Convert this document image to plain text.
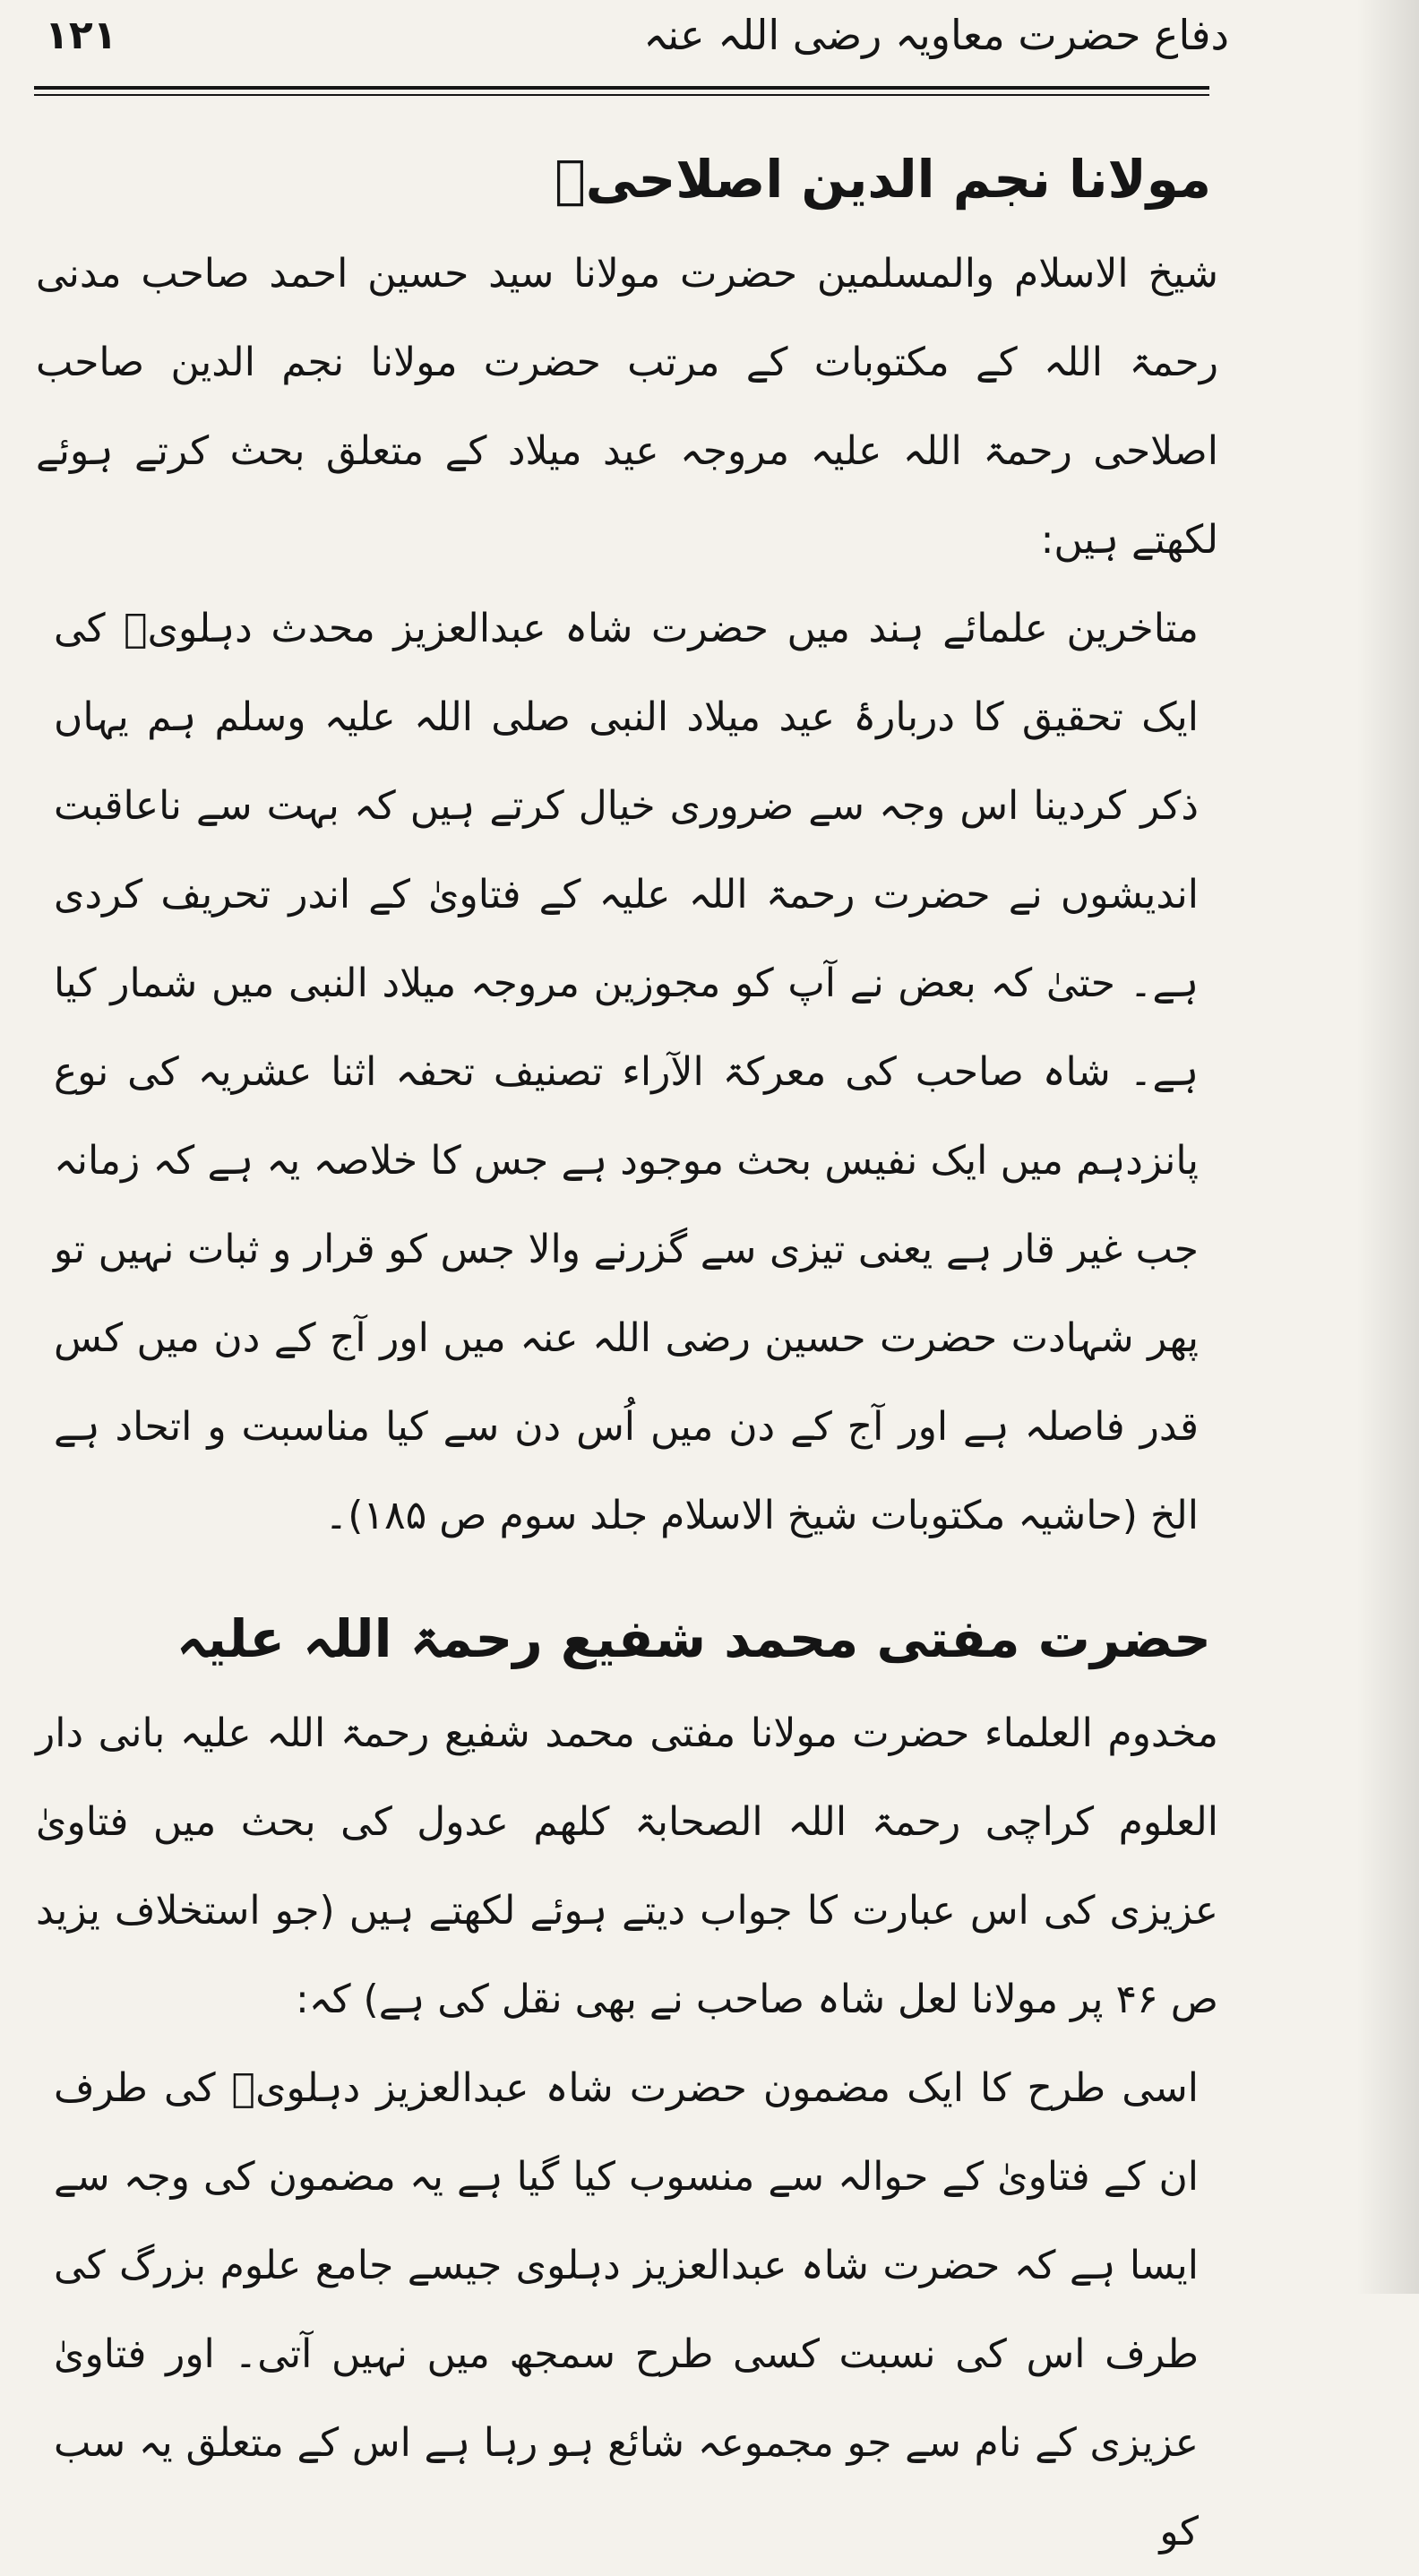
دفاع حضرت معاویہ رضی اللہ عنہ
۱۲۱
مولانا نجم الدین اصلاحیؒ

شیخ الاسلام والمسلمین حضرت مولانا سید حسین احمد صاحب مدنی رحمۃ اللہ کے مکتوبات کے مرتب حضرت مولانا نجم الدین صاحب اصلاحی رحمۃ اللہ علیہ مروجہ عید میلاد کے متعلق بحث کرتے ہوئے لکھتے ہیں:

متاخرین علمائے ہند میں حضرت شاہ عبدالعزیز محدث دہلویؒ کی ایک تحقیق کا دربارۂ عید میلاد النبی صلی اللہ علیہ وسلم ہم یہاں ذکر کردینا اس وجہ سے ضروری خیال کرتے ہیں کہ بہت سے ناعاقبت اندیشوں نے حضرت رحمۃ اللہ علیہ کے فتاویٰ کے اندر تحریف کردی ہے۔ حتیٰ کہ بعض نے آپ کو مجوزین مروجہ میلاد النبی میں شمار کیا ہے۔ شاہ صاحب کی معرکۃ الآراء تصنیف تحفہ اثنا عشریہ کی نوع پانزدہم میں ایک نفیس بحث موجود ہے جس کا خلاصہ یہ ہے کہ زمانہ جب غیر قار ہے یعنی تیزی سے گزرنے والا جس کو قرار و ثبات نہیں تو پھر شہادت حضرت حسین رضی اللہ عنہ میں اور آج کے دن میں کس قدر فاصلہ ہے اور آج کے دن میں اُس دن سے کیا مناسبت و اتحاد ہے الخ (حاشیہ مکتوبات شیخ الاسلام جلد سوم ص ۱۸۵)۔

حضرت مفتی محمد شفیع رحمۃ اللہ علیہ

مخدوم العلماء حضرت مولانا مفتی محمد شفیع رحمۃ اللہ علیہ بانی دار العلوم کراچی رحمۃ اللہ الصحابۃ کلھم عدول کی بحث میں فتاویٰ عزیزی کی اس عبارت کا جواب دیتے ہوئے لکھتے ہیں (جو استخلاف یزید ص ۴۶ پر مولانا لعل شاہ صاحب نے بھی نقل کی ہے) کہ:

اسی طرح کا ایک مضمون حضرت شاہ عبدالعزیز دہلویؒ کی طرف ان کے فتاویٰ کے حوالہ سے منسوب کیا گیا ہے یہ مضمون کی وجہ سے ایسا ہے کہ حضرت شاہ عبدالعزیز دہلوی جیسے جامع علوم بزرگ کی طرف اس کی نسبت کسی طرح سمجھ میں نہیں آتی۔ اور فتاویٰ عزیزی کے نام سے جو مجموعہ شائع ہو رہا ہے اس کے متعلق یہ سب کو
